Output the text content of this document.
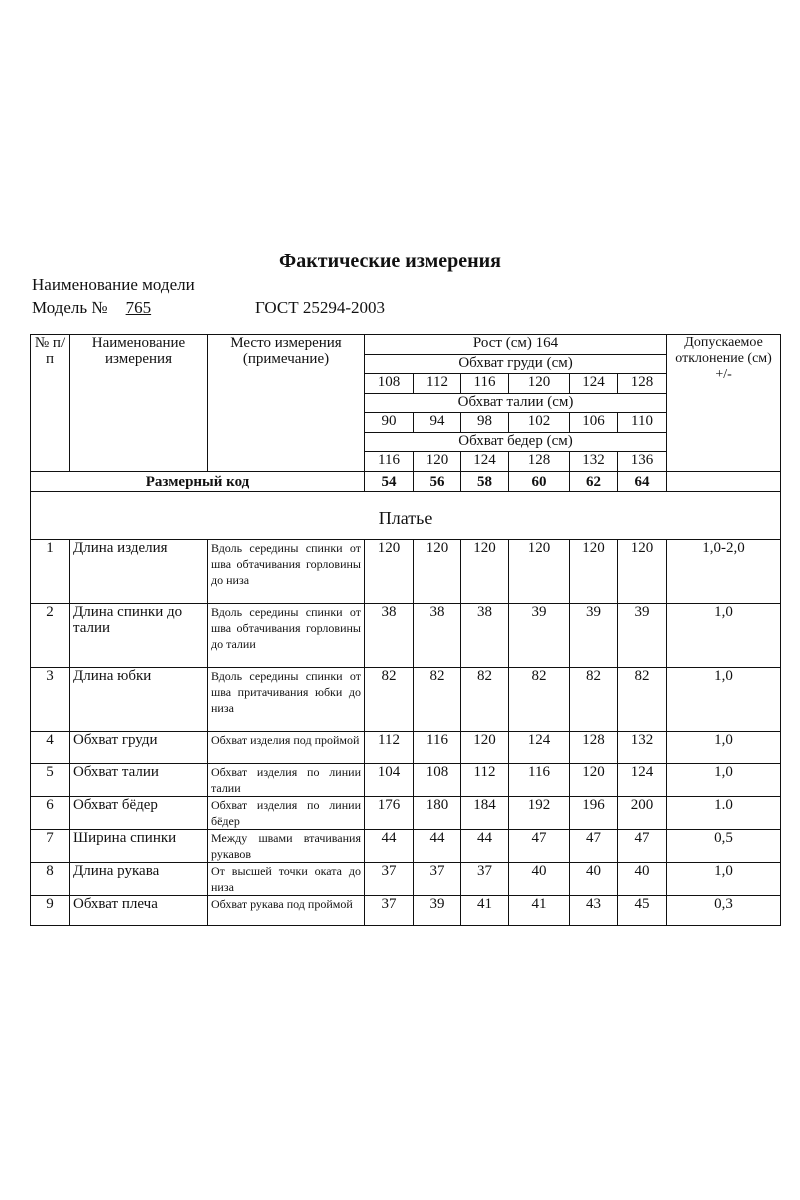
Фактические измерения
Наименование модели
Модель № 765	ГОСТ 25294-2003
№ п/п	Наименование измерения	Место измерения (примечание)	Рост (см) 164						Допускаемое отклонение (см) +/-
			Обхват груди (см)						
			108	112	116	120	124	128	
			Обхват талии (см)						
			90	94	98	102	106	110	
			Обхват бедер (см)						
			116	120	124	128	132	136	
Размерный код			54	56	58	60	62	64	
Платье									
1	Длина изделия	Вдоль середины спинки от шва обтачивания горловины до низа	120	120	120	120	120	120	1,0-2,0
2	Длина спинки до талии	Вдоль середины спинки от шва обтачивания горловины до талии	38	38	38	39	39	39	1,0
3	Длина юбки	Вдоль середины спинки от шва притачивания юбки до низа	82	82	82	82	82	82	1,0
4	Обхват груди	Обхват изделия под проймой	112	116	120	124	128	132	1,0
5	Обхват талии	Обхват изделия по линии талии	104	108	112	116	120	124	1,0
6	Обхват бёдер	Обхват изделия по линии бёдер	176	180	184	192	196	200	1.0
7	Ширина спинки	Между швами втачивания рукавов	44	44	44	47	47	47	0,5
8	Длина рукава	От высшей точки оката до низа	37	37	37	40	40	40	1,0
9	Обхват плеча	Обхват рукава под проймой	37	39	41	41	43	45	0,3
